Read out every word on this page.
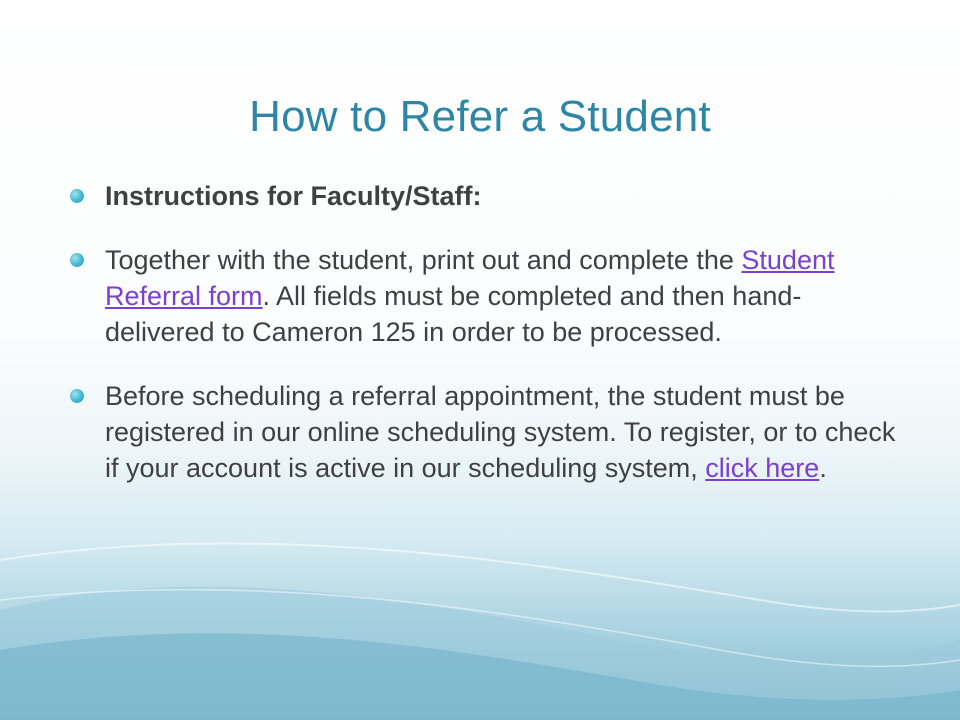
How to Refer a Student
Instructions for Faculty/Staff:
Together with the student, print out and complete the Student Referral form. All fields must be completed and then hand-delivered to Cameron 125 in order to be processed.
Before scheduling a referral appointment, the student must be registered in our online scheduling system. To register, or to check if your account is active in our scheduling system, click here.
